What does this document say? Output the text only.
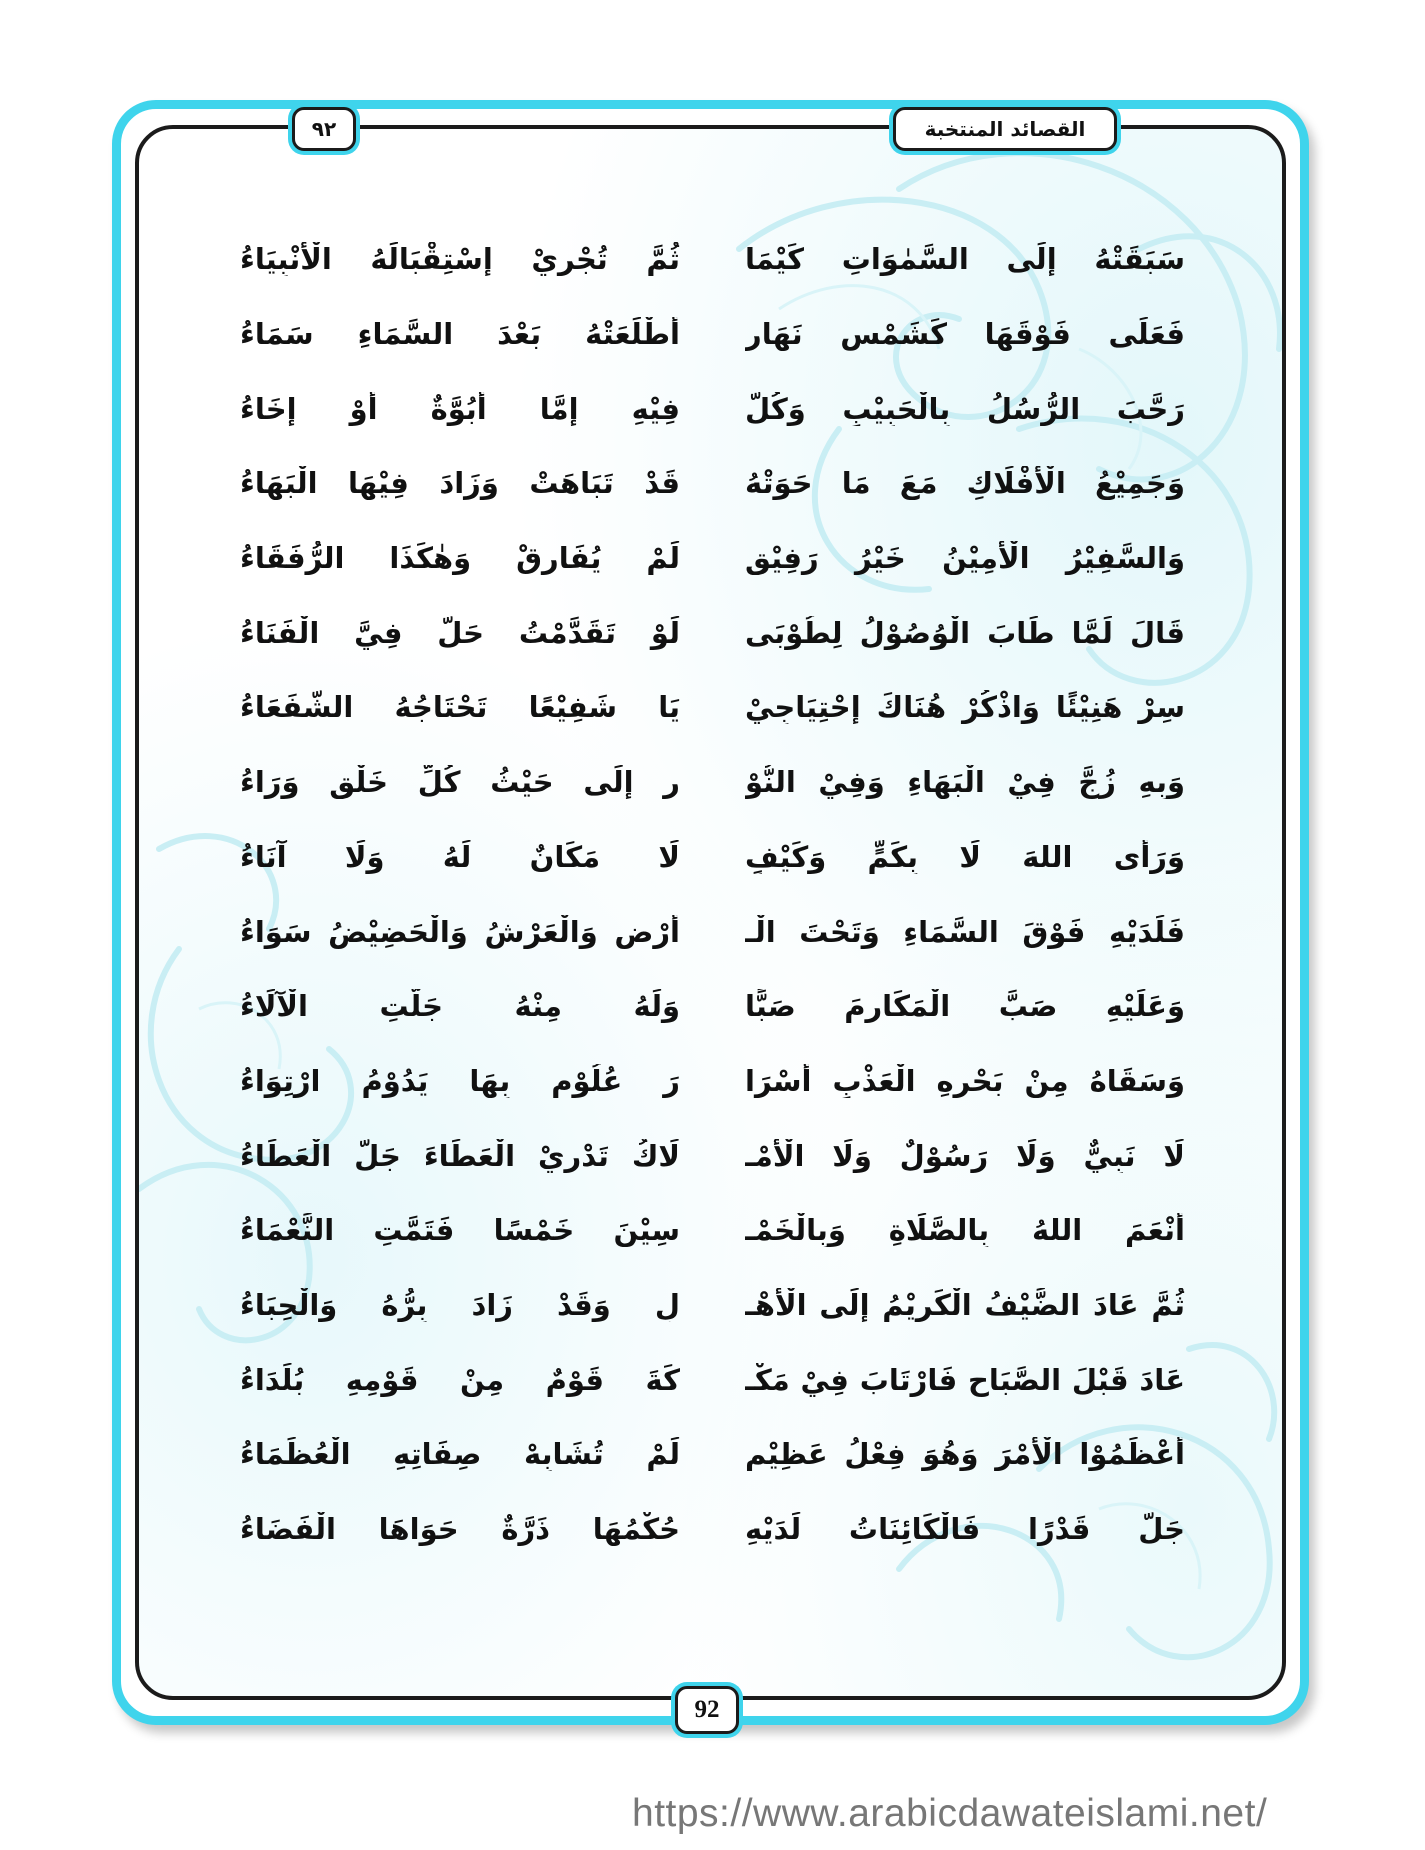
القصائد المنتخبة
٩٢
سَبَقَتْهُ إِلَى السَّمٰوَاتِ كَيْمَا
ثُمَّ تُجْرِيْ إِسْتِقْبَالَهُ الْأَنْبِيَاءُ
فَعَلَى فَوْقَهَا كَشَمْسِ نَهَارٍ
أَطْلَعَتْهُ بَعْدَ السَّمَاءِ سَمَاءُ
رَحَّبَ الرُّسُلُ بِالْحَبِيْبِ وَكُلٌّ
فِيْهِ إِمَّا أُبُوَّةٌ أَوْ إِخَاءُ
وَجَمِيْعُ الْأَفْلَاكِ مَعَ مَا حَوَتْهُ
قَدْ تَبَاهَتْ وَزَادَ فِيْهَا الْبَهَاءُ
وَالسَّفِيْرُ الْأَمِيْنُ خَيْرُ رَفِيْقٍ
لَمْ يُفَارِقْ وَهٰكَذَا الرُّفَقَاءُ
قَالَ لَمَّا طَابَ الْوُصُوْلُ لِطُوْبَى
لَوْ تَقَدَّمْتُ حَلَّ فِيَّ الْفَنَاءُ
سِرْ هَنِيْئًا وَاذْكُرْ هُنَاكَ إِحْتِيَاجِيْ
يَا شَفِيْعًا تَحْتَاجُهُ الشُّفَعَاءُ
وَبِهِ زُجَّ فِيْ الْبَهَاءِ وَفِيْ النُّوْ
رِ إِلَى حَيْثُ كُلِّ خَلْقٍ وَرَاءُ
وَرَأَى اللهَ لَا بِكَمٍّ وَكَيْفٍ
لَا مَكَانٌ لَهُ وَلَا آنَاءُ
فَلَدَيْهِ فَوْقَ السَّمَاءِ وَتَحْتَ الْـ
أَرْضِ وَالْعَرْشُ وَالْحَضِيْضُ سَوَاءُ
وَعَلَيْهِ صَبَّ الْمَكَارِمَ صَبًّا
وَلَهُ مِنْهُ جَلَّتِ الْآلَاءُ
وَسَقَاهُ مِنْ بَحْرِهِ الْعَذْبِ أَسْرَا
رَ عُلُوْمٍ بِهَا يَدُوْمُ ارْتِوَاءُ
لَا نَبِيٌّ وَلَا رَسُوْلٌ وَلَا الْأَمْـ
لَاكُ تَدْرِيْ الْعَطَاءَ جَلَّ الْعَطَاءُ
أَنْعَمَ اللهُ بِالصَّلَاةِ وَبِالْخَمْـ
سِيْنَ خَمْسًا فَتَمَّتِ النَّعْمَاءُ
ثُمَّ عَادَ الضَّيْفُ الْكَرِيْمُ إِلَى الْأَهْـ
لِ وَقَدْ زَادَ بِرُّهُ وَالْحِبَاءُ
عَادَ قَبْلَ الصَّبَاحِ فَارْتَابَ فِيْ مَكْـ
كَةَ قَوْمٌ مِنْ قَوْمِهِ بُلَدَاءُ
أَعْظَمُوْا الْأَمْرَ وَهُوَ فِعْلُ عَظِيْمٍ
لَمْ تُشَابِهْ صِفَاتِهِ الْعُظَمَاءُ
جَلَّ قَدْرًا فَالْكَائِنَاتُ لَدَيْهِ
حُكْمُهَا ذَرَّةٌ حَوَاهَا الْفَضَاءُ
92
https://www.arabicdawateislami.net/
